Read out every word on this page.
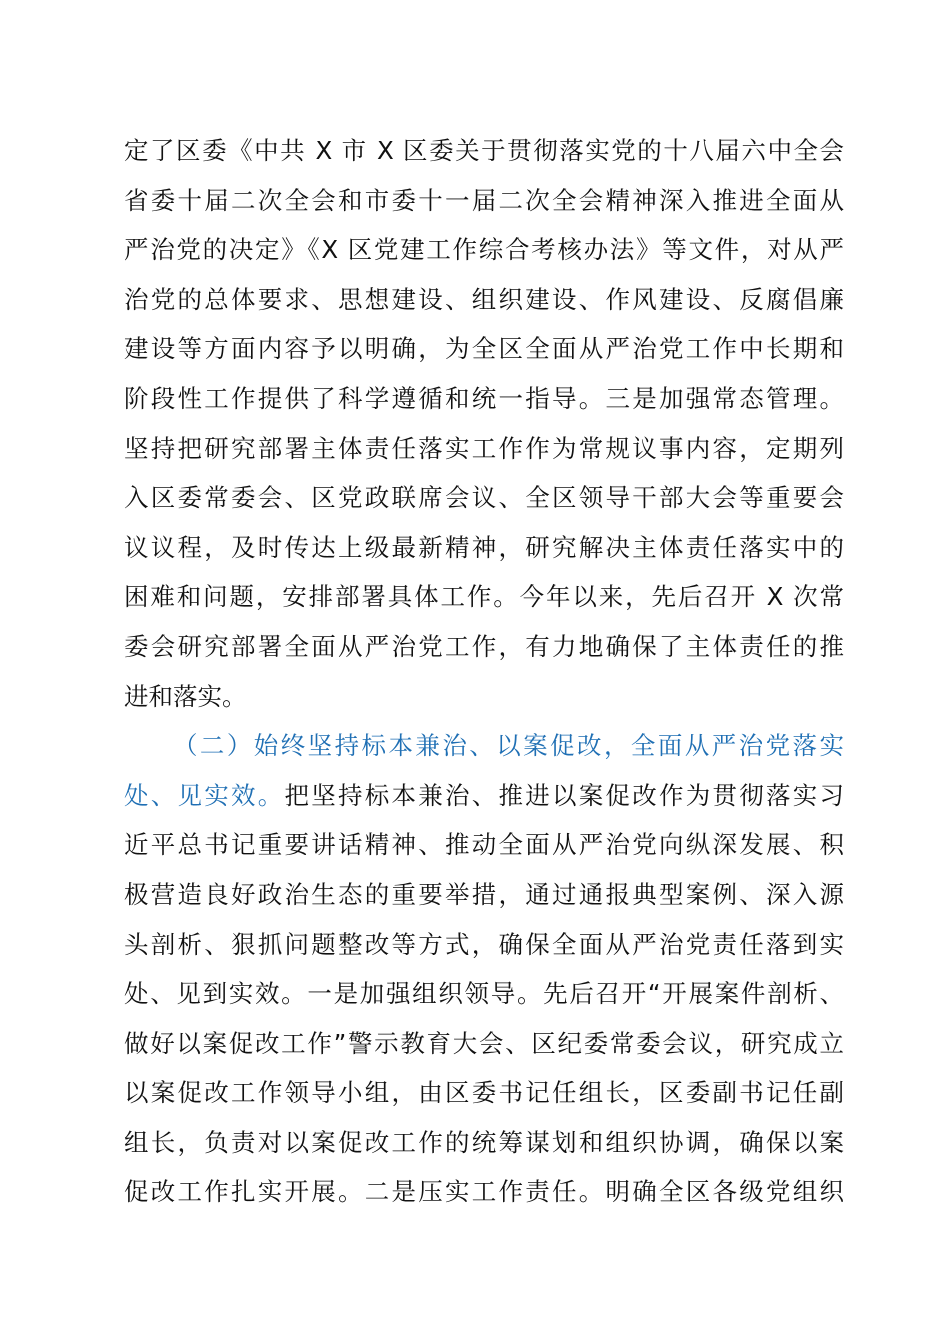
定了区委《中共 X 市 X 区委关于贯彻落实党的十八届六中全会
省委十届二次全会和市委十一届二次全会精神深入推进全面从
严治党的决定》《X 区党建工作综合考核办法》等文件，对从严
治党的总体要求、思想建设、组织建设、作风建设、反腐倡廉
建设等方面内容予以明确，为全区全面从严治党工作中长期和
阶段性工作提供了科学遵循和统一指导。三是加强常态管理。
坚持把研究部署主体责任落实工作作为常规议事内容，定期列
入区委常委会、区党政联席会议、全区领导干部大会等重要会
议议程，及时传达上级最新精神，研究解决主体责任落实中的
困难和问题，安排部署具体工作。今年以来，先后召开 X 次常
委会研究部署全面从严治党工作，有力地确保了主体责任的推
进和落实。
（二）始终坚持标本兼治、以案促改，全面从严治党落实
处、见实效。把坚持标本兼治、推进以案促改作为贯彻落实习
近平总书记重要讲话精神、推动全面从严治党向纵深发展、积
极营造良好政治生态的重要举措，通过通报典型案例、深入源
头剖析、狠抓问题整改等方式，确保全面从严治党责任落到实
处、见到实效。一是加强组织领导。先后召开“开展案件剖析、
做好以案促改工作”警示教育大会、区纪委常委会议，研究成立
以案促改工作领导小组，由区委书记任组长，区委副书记任副
组长，负责对以案促改工作的统筹谋划和组织协调，确保以案
促改工作扎实开展。二是压实工作责任。明确全区各级党组织
